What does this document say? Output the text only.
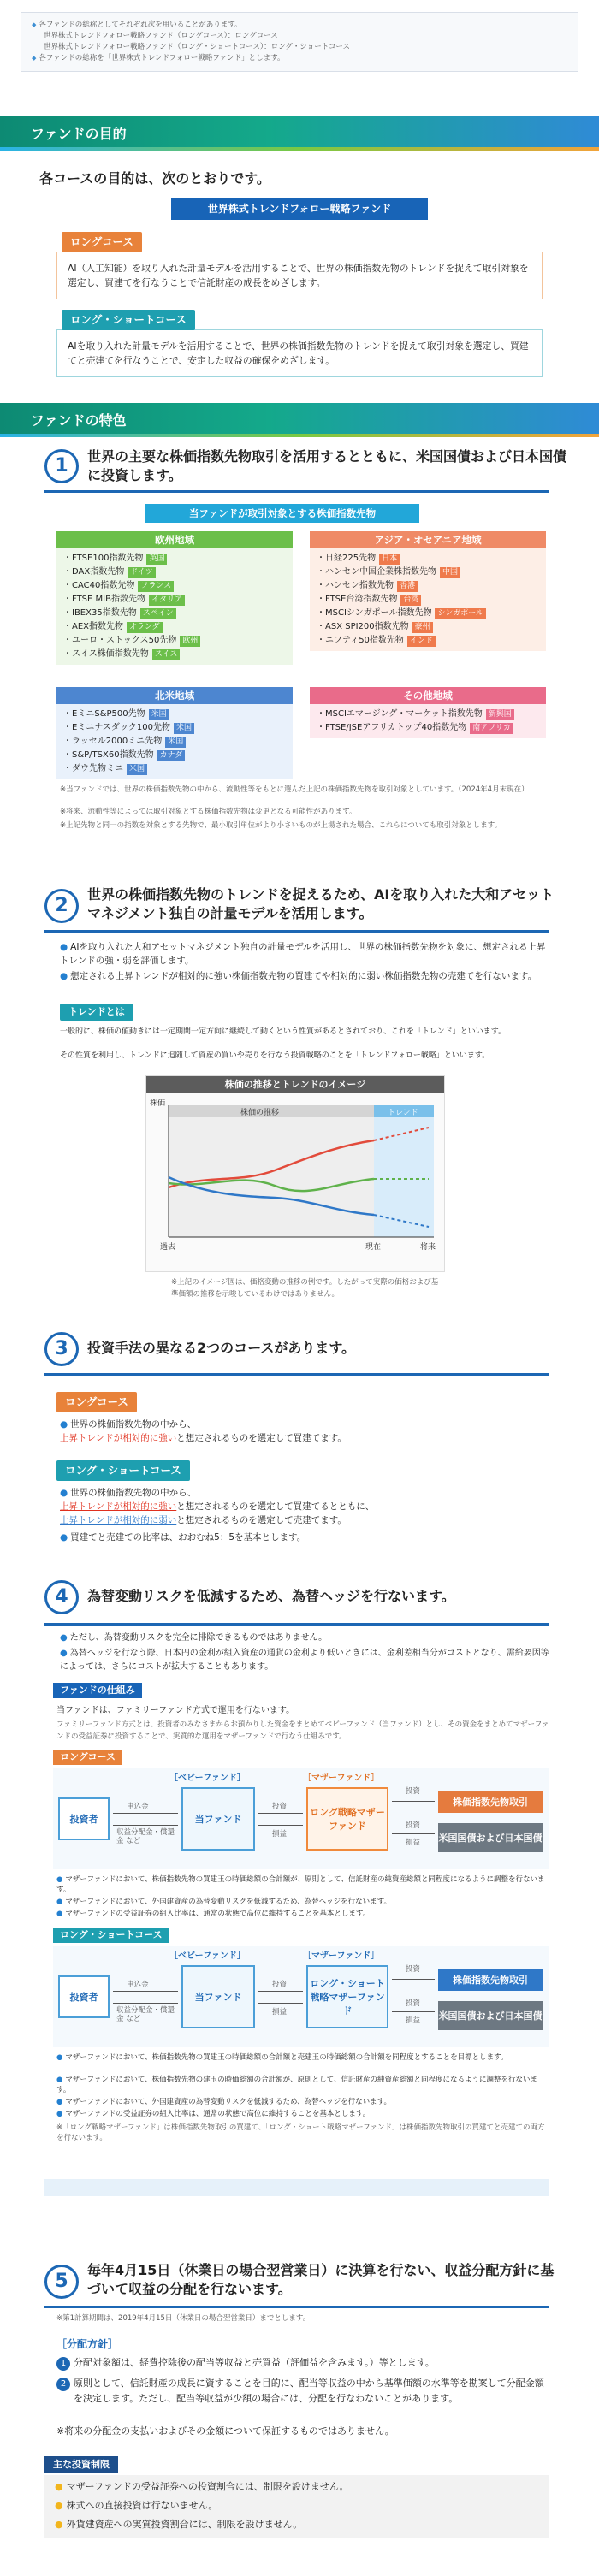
◆ 各ファンドの総称としてそれぞれ次を用いることがあります。

世界株式トレンドフォロー戦略ファンド（ロングコース）：ロングコース

世界株式トレンドフォロー戦略ファンド（ロング・ショートコース）：ロング・ショートコース

◆ 各ファンドの総称を「世界株式トレンドフォロー戦略ファンド」とします。

ファンドの目的
各コースの目的は、次のとおりです。
世界株式トレンドフォロー戦略ファンド
ロングコース
AI（人工知能）を取り入れた計量モデルを活用することで、世界の株価指数先物のトレンドを捉えて取引対象を選定し、買建てを行なうことで信託財産の成長をめざします。
ロング・ショートコース
AIを取り入れた計量モデルを活用することで、世界の株価指数先物のトレンドを捉えて取引対象を選定し、買建てと売建てを行なうことで、安定した収益の確保をめざします。
ファンドの特色
1	世界の主要な株価指数先物取引を活用するとともに、米国国債および日本国債に投資します。
当ファンドが取引対象とする株価指数先物
欧州地域
・ FTSE100指数先物 英国
・ DAX指数先物 ドイツ
・ CAC40指数先物 フランス
・ FTSE MIB指数先物 イタリア
・ IBEX35指数先物 スペイン
・ AEX指数先物 オランダ
・ ユーロ・ストックス50先物 欧州
・ スイス株価指数先物 スイス
アジア・オセアニア地域
・ 日経225先物 日本
・ ハンセン中国企業株指数先物 中国
・ ハンセン指数先物 香港
・ FTSE台湾指数先物 台湾
・ MSCIシンガポール指数先物 シンガポール
・ ASX SPI200指数先物 豪州
・ ニフティ50指数先物 インド
北米地域
・ EミニS&P500先物 米国
・ Eミニナスダック100先物 米国
・ ラッセル2000ミニ先物 米国
・ S&P/TSX60指数先物 カナダ
・ ダウ先物ミニ 米国
その他地域
・ MSCIエマージング・マーケット指数先物 新興国
・ FTSE/JSEアフリカトップ40指数先物 南アフリカ
※当ファンドでは、世界の株価指数先物の中から、流動性等をもとに選んだ上記の株価指数先物を取引対象としています。（2024年4月末現在）
※将来、流動性等によっては取引対象とする株価指数先物は変更となる可能性があります。
※上記先物と同一の指数を対象とする先物で、最小取引単位がより小さいものが上場された場合、これらについても取引対象とします。
2
世界の株価指数先物のトレンドを捉えるため、AIを取り入れた大和アセットマネジメント独自の計量モデルを活用します。
● AIを取り入れた大和アセットマネジメント独自の計量モデルを活用し、世界の株価指数先物を対象に、想定される上昇トレンドの強・弱を評価します。
● 想定される上昇トレンドが相対的に強い株価指数先物の買建てや相対的に弱い株価指数先物の売建てを行ないます。
トレンドとは
一般的に、株価の値動きには一定期間一定方向に継続して動くという性質があるとされており、これを「トレンド」といいます。
その性質を利用し、トレンドに追随して資産の買いや売りを行なう投資戦略のことを「トレンドフォロー戦略」といいます。
株価の推移とトレンドのイメージ
株価
株価の推移	トレンド
過去	現在	将来
※上記のイメージ図は、価格変動の推移の例です。したがって実際の価格および基準価額の推移を示唆しているわけではありません。
3	投資手法の異なる2つのコースがあります。
ロングコース
● 世界の株価指数先物の中から、
上昇トレンドが相対的に強いと想定されるものを選定して買建てます。
ロング・ショートコース
● 世界の株価指数先物の中から、
上昇トレンドが相対的に強いと想定されるものを選定して買建てるとともに、
上昇トレンドが相対的に弱いと想定されるものを選定して売建てます。
● 買建てと売建ての比率は、おおむね5：5を基本とします。
4	為替変動リスクを低減するため、為替ヘッジを行ないます。
● ただし、為替変動リスクを完全に排除できるものではありません。
● 為替ヘッジを行なう際、日本円の金利が組入資産の通貨の金利より低いときには、金利差相当分がコストとなり、需給要因等によっては、さらにコストが拡大することもあります。
ファンドの仕組み
当ファンドは、ファミリーファンド方式で運用を行ないます。
ファミリーファンド方式とは、投資者のみなさまからお預かりした資金をまとめてベビーファンド（当ファンド）とし、その資金をまとめてマザーファンドの受益証券に投資することで、実質的な運用をマザーファンドで行なう仕組みです。
ロングコース
［ベビーファンド］	［マザーファンド］
投資者	当ファンド
ロング戦略マザーファンド
株価指数先物取引
米国国債および日本国債
申込金
収益分配金・償還金 など
投資
損益
投資
投資
損益
● マザーファンドにおいて、株価指数先物の買建玉の時価総額の合計額が、原則として、信託財産の純資産総額と同程度になるように調整を行ないます。
● マザーファンドにおいて、外国建資産の為替変動リスクを低減するため、為替ヘッジを行ないます。
● マザーファンドの受益証券の組入比率は、通常の状態で高位に維持することを基本とします。
ロング・ショートコース
［ベビーファンド］	［マザーファンド］
投資者	当ファンド
ロング・ショート戦略マザーファンド
株価指数先物取引
米国国債および日本国債
申込金
収益分配金・償還金 など
投資
損益
投資
投資
損益
● マザーファンドにおいて、株価指数先物の買建玉の時価総額の合計額と売建玉の時価総額の合計額を同程度とすることを目標とします。
● マザーファンドにおいて、株価指数先物の建玉の時価総額の合計額が、原則として、信託財産の純資産総額と同程度になるように調整を行ないます。
● マザーファンドにおいて、外国建資産の為替変動リスクを低減するため、為替ヘッジを行ないます。
● マザーファンドの受益証券の組入比率は、通常の状態で高位に維持することを基本とします。
※「ロング戦略マザーファンド」は株価指数先物取引の買建て、「ロング・ショート戦略マザーファンド」は株価指数先物取引の買建てと売建ての両方を行ないます。
5
毎年4月15日（休業日の場合翌営業日）に決算を行ない、収益分配方針に基づいて収益の分配を行ないます。
※第1計算期間は、2019年4月15日（休業日の場合翌営業日）までとします。
［分配方針］
1 分配対象額は、経費控除後の配当等収益と売買益（評価益を含みます。）等とします。
2 原則として、信託財産の成長に資することを目的に、配当等収益の中から基準価額の水準等を勘案して分配金額を決定します。ただし、配当等収益が少額の場合には、分配を行なわないことがあります。
※将来の分配金の支払いおよびその金額について保証するものではありません。
主な投資制限
● マザーファンドの受益証券への投資割合には、制限を設けません。
● 株式への直接投資は行ないません。
● 外貨建資産への実質投資割合には、制限を設けません。
